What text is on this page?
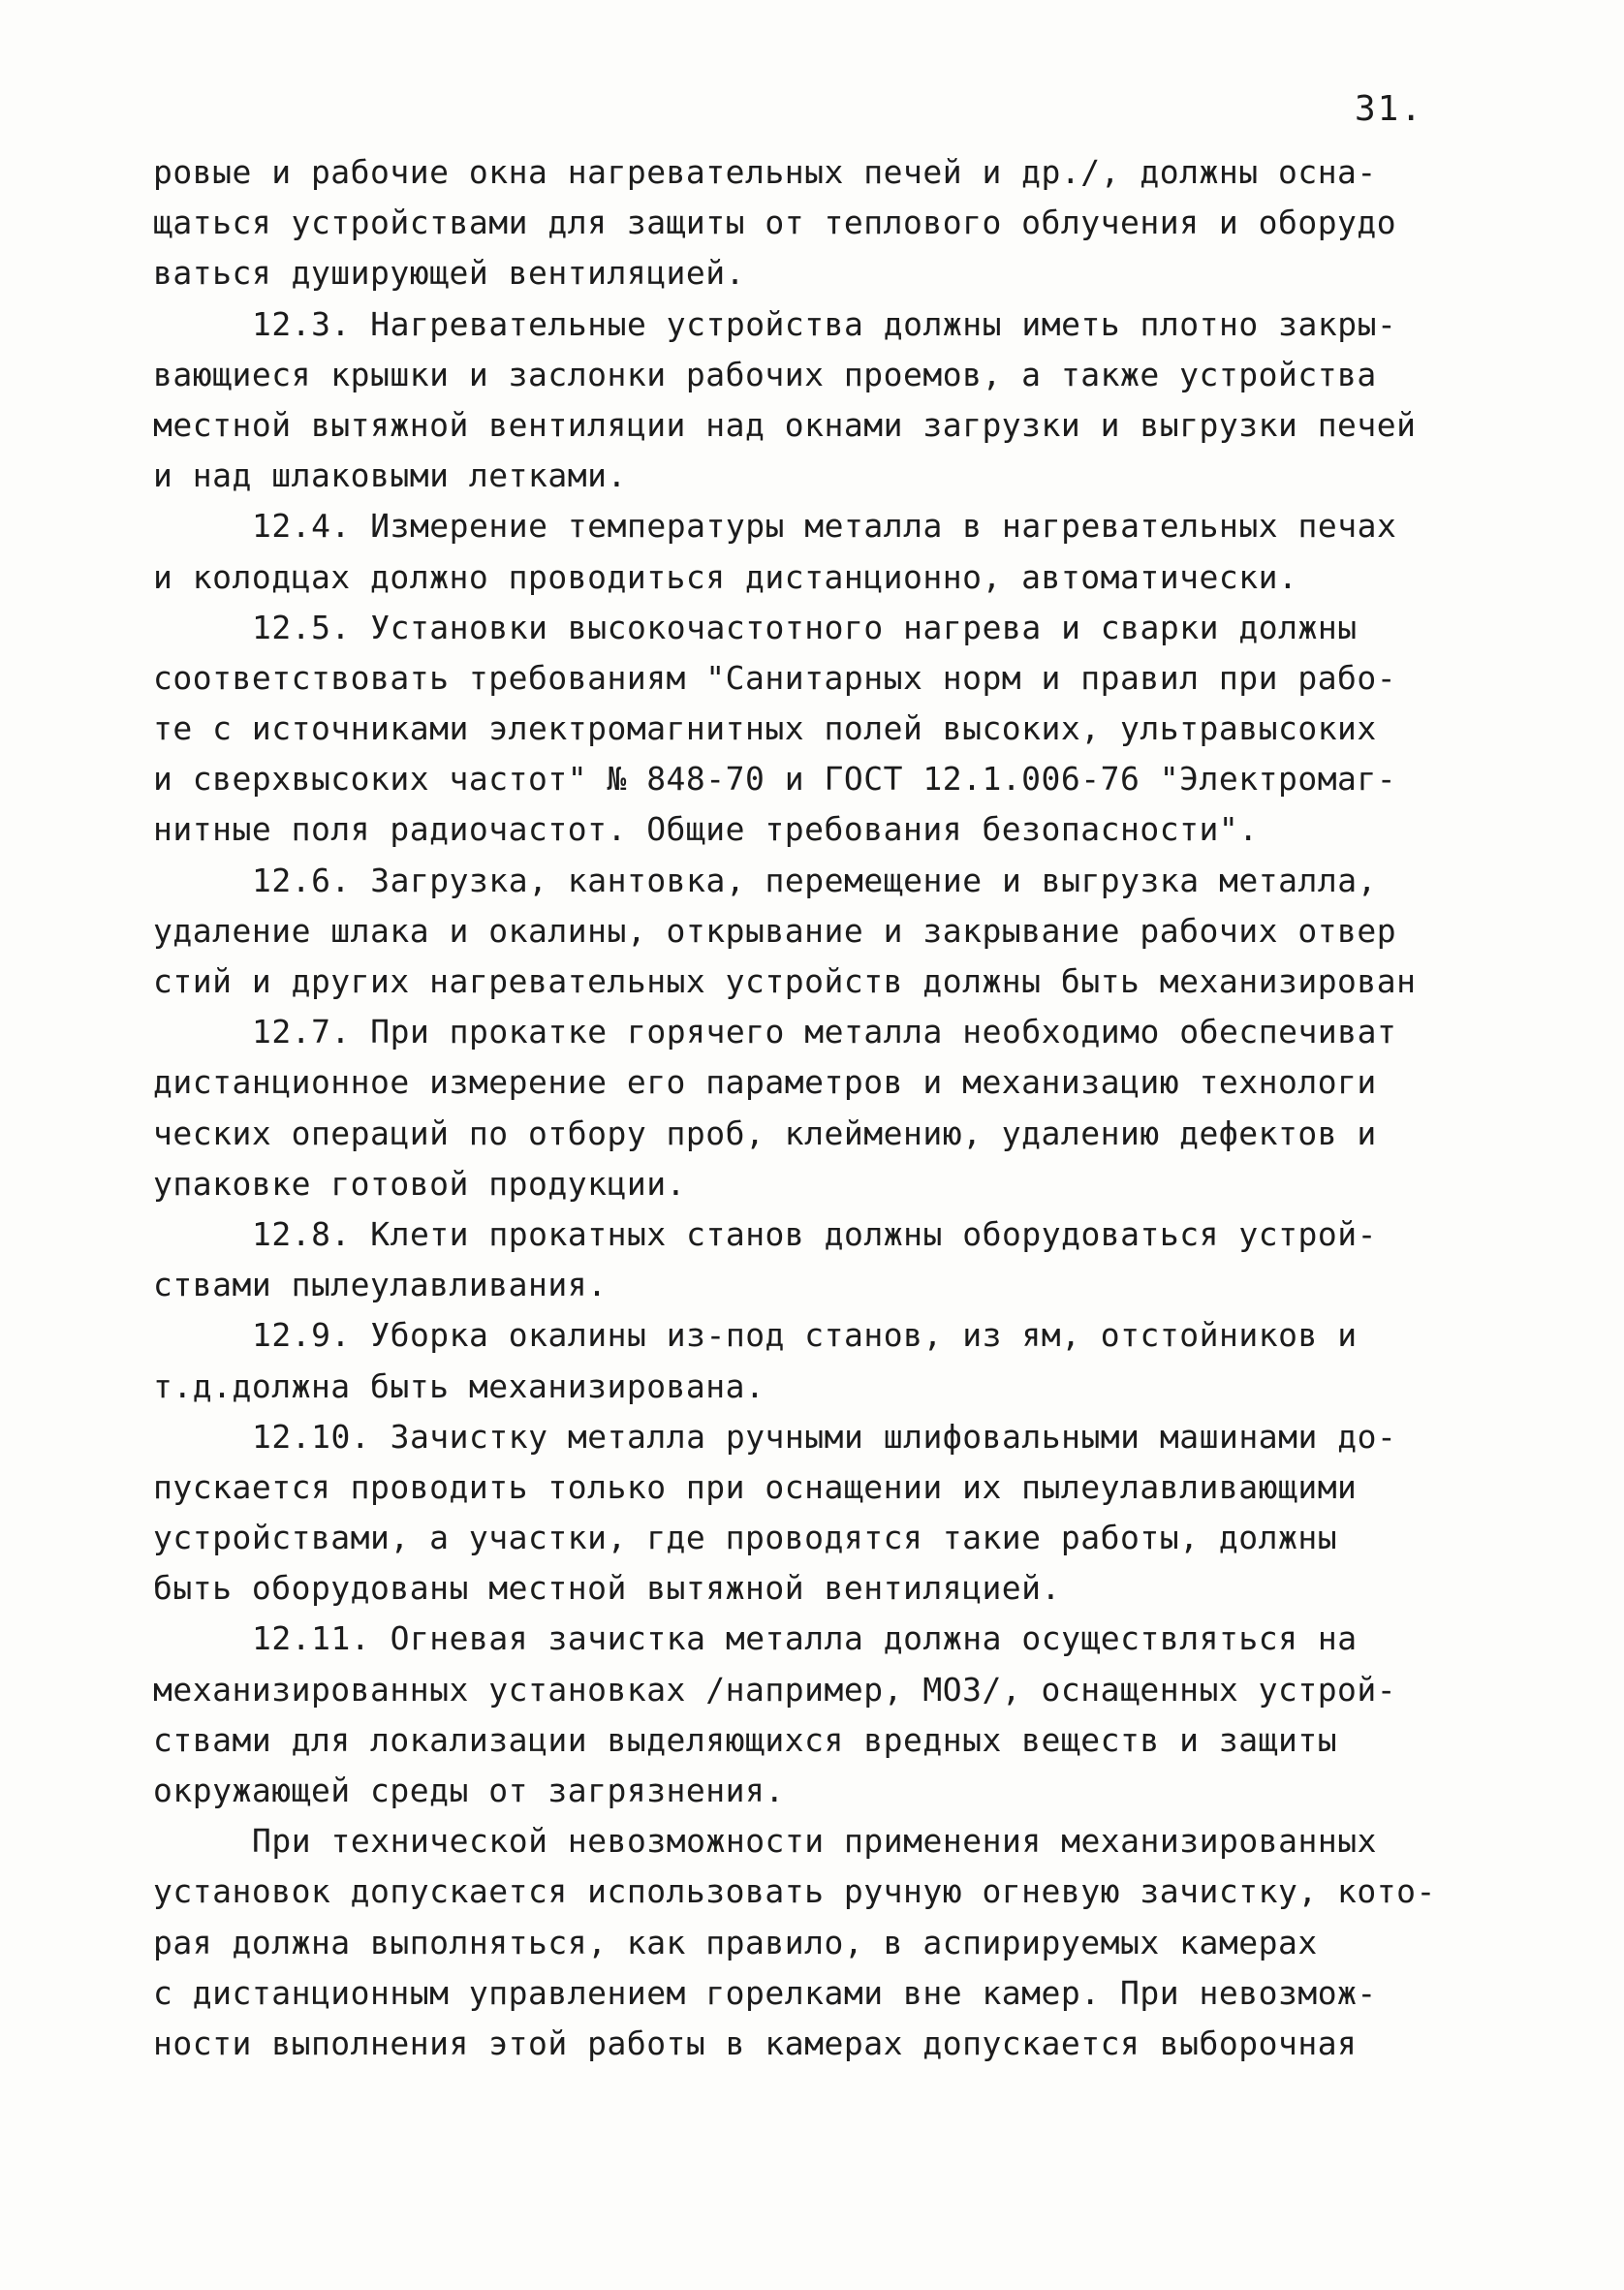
31.
ровые и рабочие окна нагревательных печей и др./, должны осна-
щаться устройствами для защиты от теплового облучения и оборудо
ваться душирующей вентиляцией.
12.3. Нагревательные устройства должны иметь плотно закры-
вающиеся крышки и заслонки рабочих проемов, а также устройства
местной вытяжной вентиляции над окнами загрузки и выгрузки печей
и над шлаковыми летками.
12.4. Измерение температуры металла в нагревательных печах
и колодцах должно проводиться дистанционно, автоматически.
12.5. Установки высокочастотного нагрева и сварки должны
соответствовать требованиям "Санитарных норм и правил при рабо-
те с источниками электромагнитных полей высоких, ультравысоких
и сверхвысоких частот" № 848-70 и ГОСТ 12.1.006-76 "Электромаг-
нитные поля радиочастот. Общие требования безопасности".
12.6. Загрузка, кантовка, перемещение и выгрузка металла,
удаление шлака и окалины, открывание и закрывание рабочих отвер
стий и других нагревательных устройств должны быть механизирован
12.7. При прокатке горячего металла необходимо обеспечиват
дистанционное измерение его параметров и механизацию технологи
ческих операций по отбору проб, клеймению, удалению дефектов и
упаковке готовой продукции.
12.8. Клети прокатных станов должны оборудоваться устрой-
ствами пылеулавливания.
12.9. Уборка окалины из-под станов, из ям, отстойников и
т.д.должна быть механизирована.
12.10. Зачистку металла ручными шлифовальными машинами до-
пускается проводить только при оснащении их пылеулавливающими
устройствами, а участки, где проводятся такие работы, должны
быть оборудованы местной вытяжной вентиляцией.
12.11. Огневая зачистка металла должна осуществляться на
механизированных установках /например, МОЗ/, оснащенных устрой-
ствами для локализации выделяющихся вредных веществ и защиты
окружающей среды от загрязнения.
При технической невозможности применения механизированных
установок допускается использовать ручную огневую зачистку, кото-
рая должна выполняться, как правило, в аспирируемых камерах
с дистанционным управлением горелками вне камер. При невозмож-
ности выполнения этой работы в камерах допускается выборочная
